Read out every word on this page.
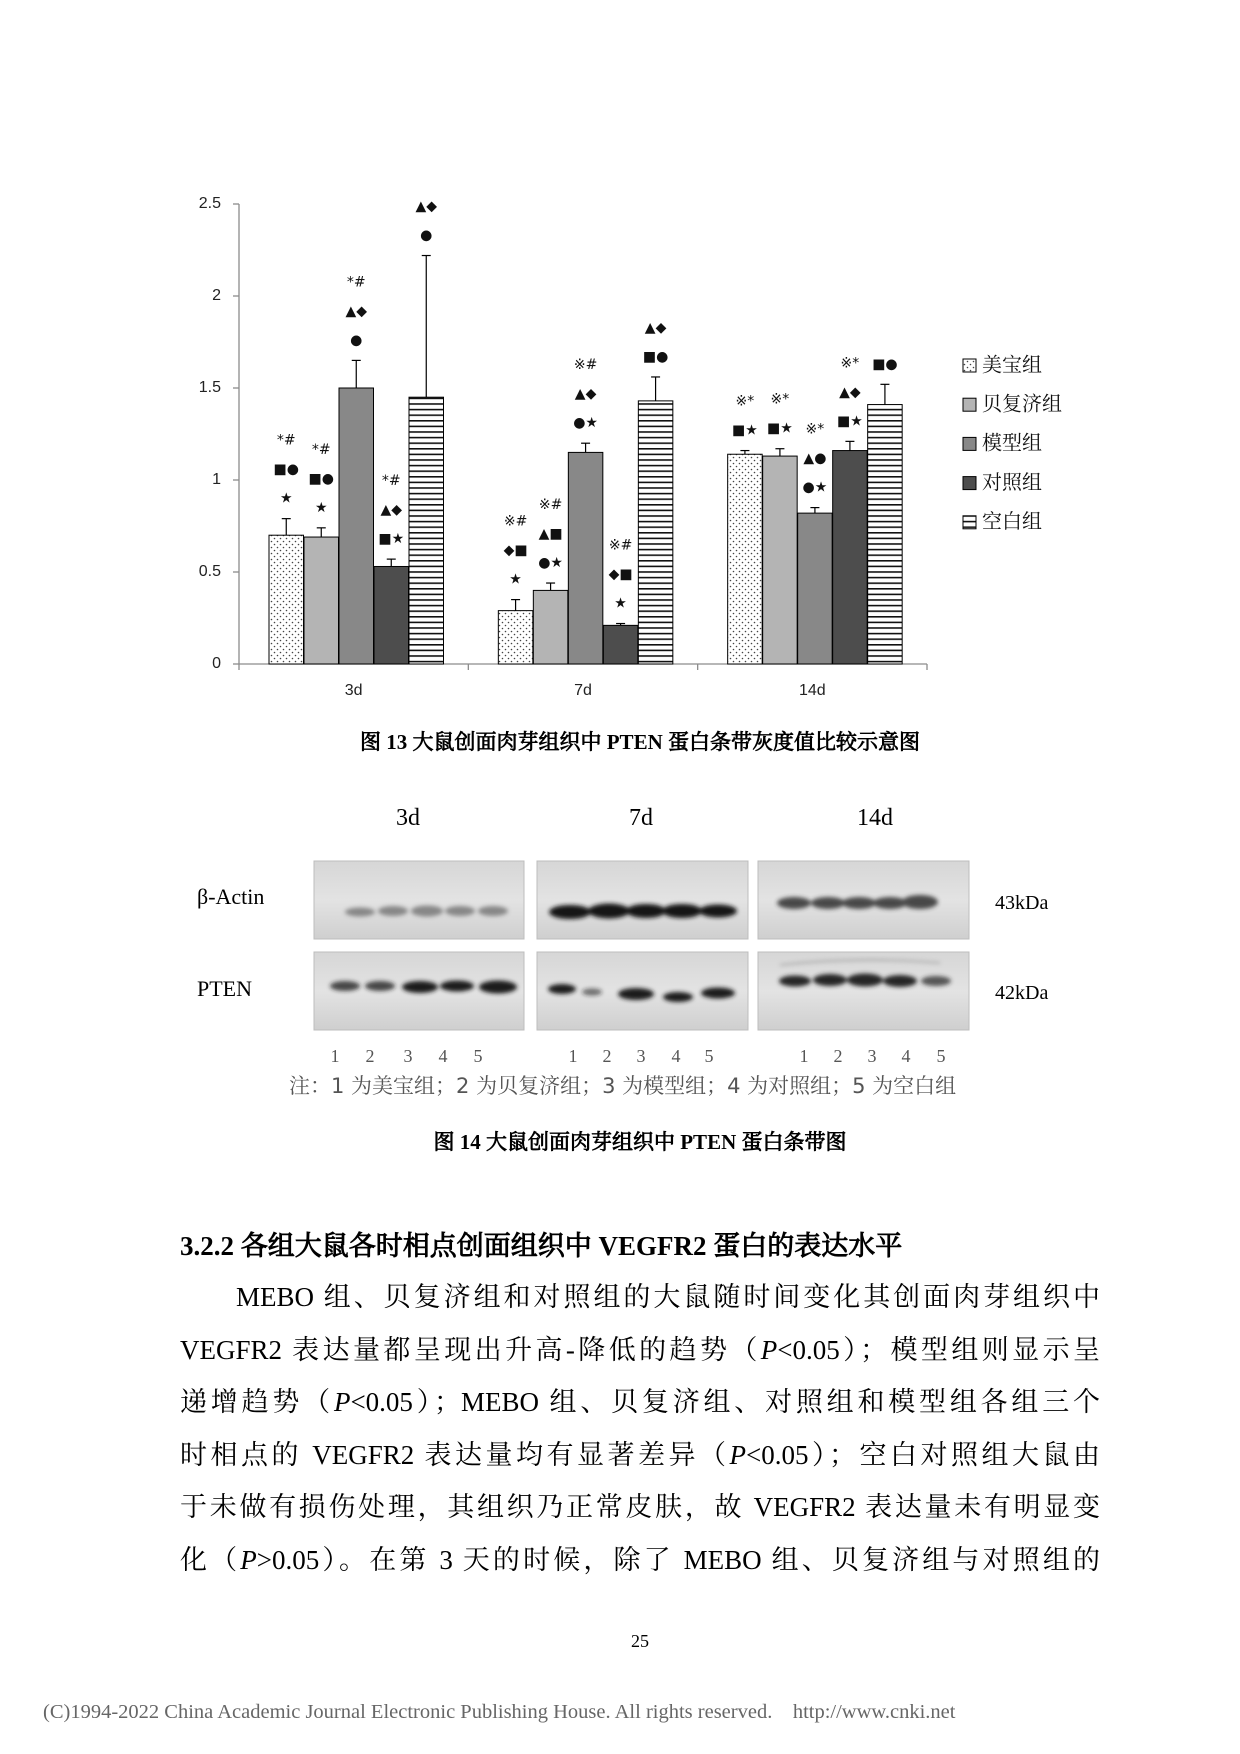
0
0.5
1
1.5
2
2.5
3d	7d	14d
*#
■●
★
※#
◆■
★
※*
■★
美宝组
*#
■●
★	※#
▲■
●★
※*
■★
贝复济组
*#
▲◆
●
※#
▲◆
●★	※*
▲●
●★
模型组
*#
▲◆
■★	※#
◆■
★
※*
▲◆
■★
对照组
▲◆
●
▲◆
■●	■●
空白组
图 13 大鼠创面肉芽组织中 PTEN 蛋白条带灰度值比较示意图
3d	7d	14d
β-Actin
PTEN
43kDa
42kDa
1 2 3 4 5	1 2 3 4 5	1 2 3 4 5
注：1 为美宝组；2 为贝复济组；3 为模型组；4 为对照组；5 为空白组
图 14 大鼠创面肉芽组织中 PTEN 蛋白条带图
3.2.2 各组大鼠各时相点创面组织中 VEGFR2 蛋白的表达水平
MEBO 组、贝复济组和对照组的大鼠随时间变化其创面肉芽组织中
VEGFR2 表达量都呈现出升高-降低的趋势（P<0.05）；模型组则显示呈
递增趋势（P<0.05）；MEBO 组、贝复济组、对照组和模型组各组三个
时相点的 VEGFR2 表达量均有显著差异（P<0.05）；空白对照组大鼠由
于未做有损伤处理，其组织乃正常皮肤，故 VEGFR2 表达量未有明显变
化（P>0.05）。在第 3 天的时候，除了 MEBO 组、贝复济组与对照组的
25
(C)1994-2022 China Academic Journal Electronic Publishing House. All rights reserved.    http://www.cnki.net
